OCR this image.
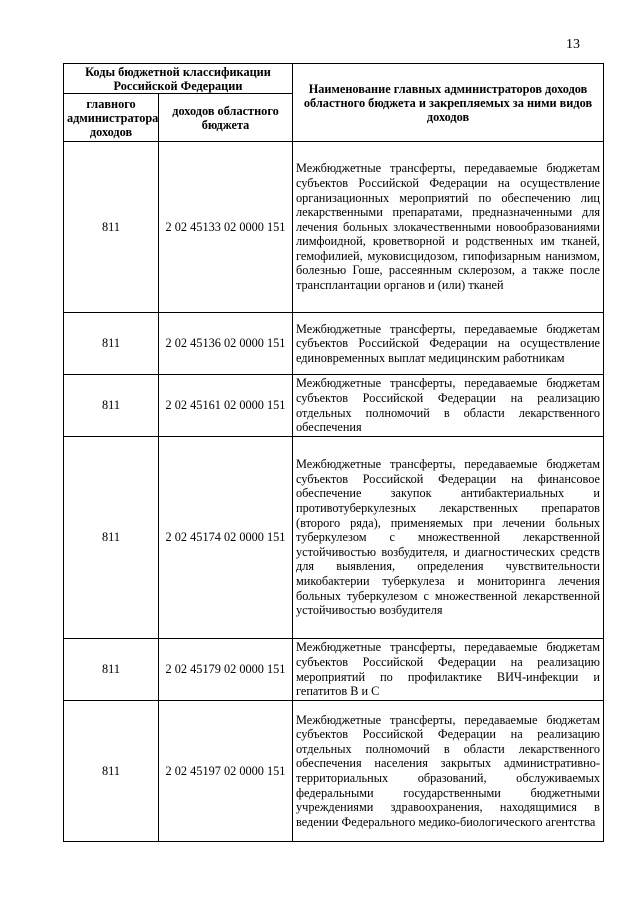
13
Коды бюджетной классификации Российской Федерации		Наименование главных администраторов доходов областного бюджета и закрепляемых за ними видов доходов
главного администратора доходов	доходов областного бюджета	
811	2 02 45133 02 0000 151	Межбюджетные трансферты, передаваемые бюджетам субъектов Российской Федерации на осуществление организационных мероприятий по обеспечению лиц лекарственными препаратами, предназначенными для лечения больных злокачественными новообразованиями лимфоидной, кроветворной и родственных им тканей, гемофилией, муковисцидозом, гипофизарным нанизмом, болезнью Гоше, рассеянным склерозом, а также после трансплантации органов и (или) тканей
811	2 02 45136 02 0000 151	Межбюджетные трансферты, передаваемые бюджетам субъектов Российской Федерации на осуществление единовременных выплат медицинским работникам
811	2 02 45161 02 0000 151	Межбюджетные трансферты, передаваемые бюджетам субъектов Российской Федерации на реализацию отдельных полномочий в области лекарственного обеспечения
811	2 02 45174 02 0000 151	Межбюджетные трансферты, передаваемые бюджетам субъектов Российской Федерации на финансовое обеспечение закупок антибактериальных и противотуберкулезных лекарственных препаратов (второго ряда), применяемых при лечении больных туберкулезом с множественной лекарственной устойчивостью возбудителя, и диагностических средств для выявления, определения чувствительности микобактерии туберкулеза и мониторинга лечения больных туберкулезом с множественной лекарственной устойчивостью возбудителя
811	2 02 45179 02 0000 151	Межбюджетные трансферты, передаваемые бюджетам субъектов Российской Федерации на реализацию мероприятий по профилактике ВИЧ-инфекции и гепатитов B и C
811	2 02 45197 02 0000 151	Межбюджетные трансферты, передаваемые бюджетам субъектов Российской Федерации на реализацию отдельных полномочий в области лекарственного обеспечения населения закрытых административно-территориальных образований, обслуживаемых федеральными государственными бюджетными учреждениями здравоохранения, находящимися в ведении Федерального медико-биологического агентства
